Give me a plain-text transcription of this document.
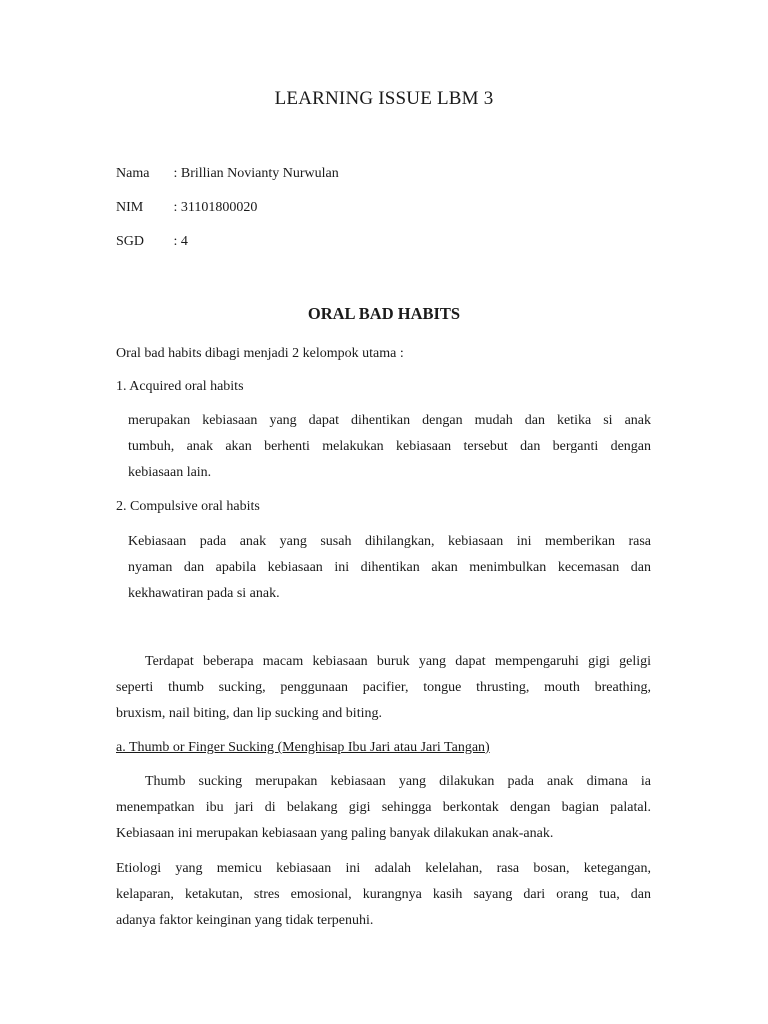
LEARNING ISSUE LBM 3
Nama : Brillian Novianty Nurwulan
NIM : 31101800020
SGD : 4
ORAL BAD HABITS
Oral bad habits dibagi menjadi 2 kelompok utama :
1. Acquired oral habits
merupakan kebiasaan yang dapat dihentikan dengan mudah dan ketika si anak
tumbuh, anak akan berhenti melakukan kebiasaan tersebut dan berganti dengan
kebiasaan lain.
2. Compulsive oral habits
Kebiasaan pada anak yang susah dihilangkan, kebiasaan ini memberikan rasa
nyaman dan apabila kebiasaan ini dihentikan akan menimbulkan kecemasan dan
kekhawatiran pada si anak.
Terdapat beberapa macam kebiasaan buruk yang dapat mempengaruhi gigi geligi
seperti thumb sucking, penggunaan pacifier, tongue thrusting, mouth breathing,
bruxism, nail biting, dan lip sucking and biting.
a. Thumb or Finger Sucking (Menghisap Ibu Jari atau Jari Tangan)
Thumb sucking merupakan kebiasaan yang dilakukan pada anak dimana ia
menempatkan ibu jari di belakang gigi sehingga berkontak dengan bagian palatal.
Kebiasaan ini merupakan kebiasaan yang paling banyak dilakukan anak-anak.
Etiologi yang memicu kebiasaan ini adalah kelelahan, rasa bosan, ketegangan,
kelaparan, ketakutan, stres emosional, kurangnya kasih sayang dari orang tua, dan
adanya faktor keinginan yang tidak terpenuhi.
